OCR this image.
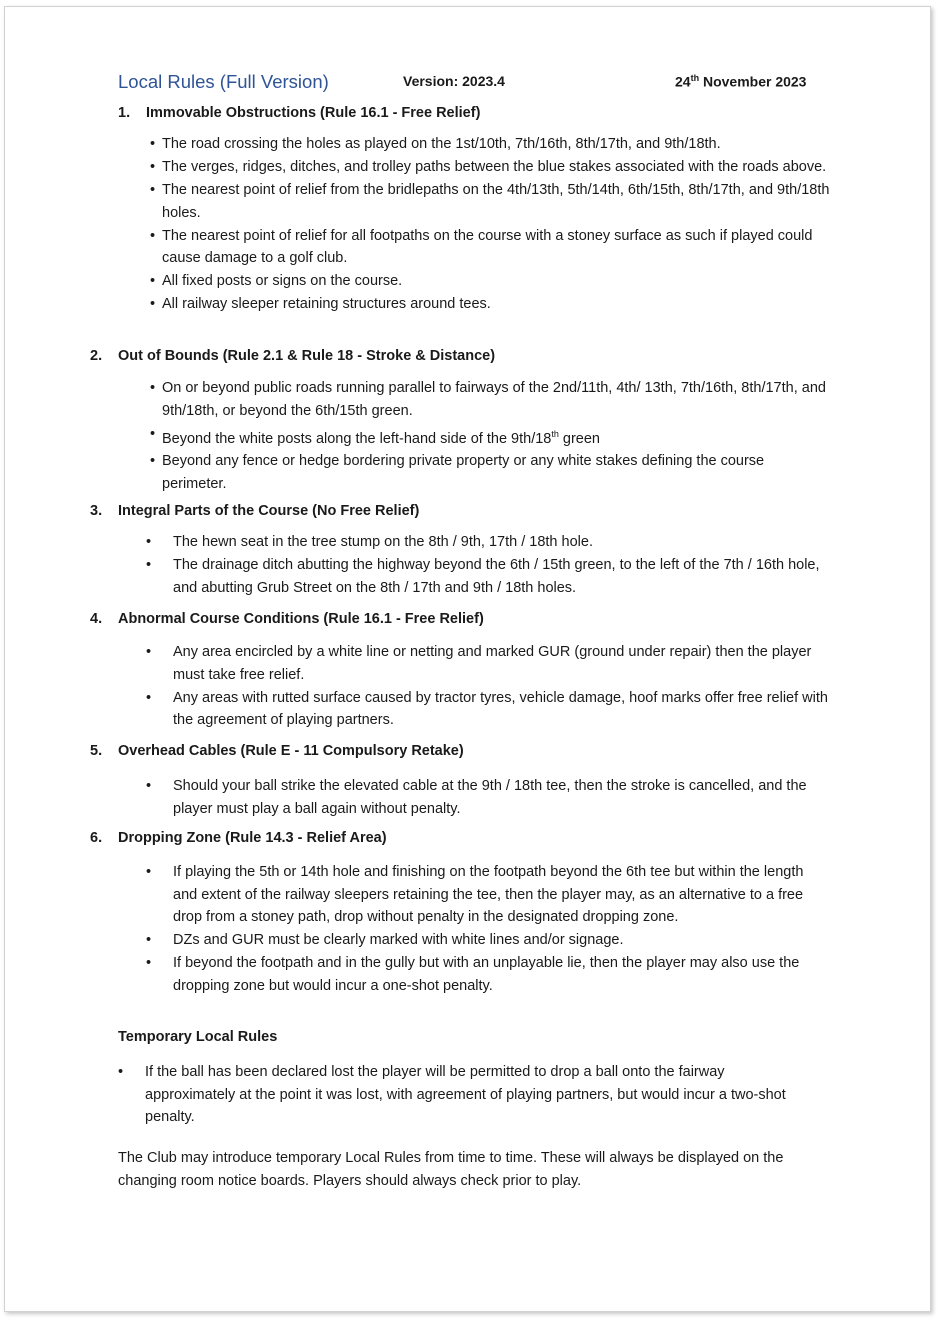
Local Rules (Full Version)	Version: 2023.4	24th November 2023
1. Immovable Obstructions (Rule 16.1 - Free Relief)
• The road crossing the holes as played on the 1st/10th, 7th/16th, 8th/17th, and 9th/18th.
• The verges, ridges, ditches, and trolley paths between the blue stakes associated with the roads above.
• The nearest point of relief from the bridlepaths on the 4th/13th, 5th/14th, 6th/15th, 8th/17th, and 9th/18th holes.
• The nearest point of relief for all footpaths on the course with a stoney surface as such if played could cause damage to a golf club.
• All fixed posts or signs on the course.
• All railway sleeper retaining structures around tees.
2. Out of Bounds (Rule 2.1 & Rule 18 - Stroke & Distance)
• On or beyond public roads running parallel to fairways of the 2nd/11th, 4th/ 13th, 7th/16th, 8th/17th, and 9th/18th, or beyond the 6th/15th green.
• Beyond the white posts along the left-hand side of the 9th/18th green
• Beyond any fence or hedge bordering private property or any white stakes defining the course perimeter.
3. Integral Parts of the Course (No Free Relief)
• The hewn seat in the tree stump on the 8th / 9th, 17th / 18th hole.
• The drainage ditch abutting the highway beyond the 6th / 15th green, to the left of the 7th / 16th hole, and abutting Grub Street on the 8th / 17th and 9th / 18th holes.
4. Abnormal Course Conditions (Rule 16.1 - Free Relief)
• Any area encircled by a white line or netting and marked GUR (ground under repair) then the player must take free relief.
• Any areas with rutted surface caused by tractor tyres, vehicle damage, hoof marks offer free relief with the agreement of playing partners.
5. Overhead Cables (Rule E - 11 Compulsory Retake)
• Should your ball strike the elevated cable at the 9th / 18th tee, then the stroke is cancelled, and the player must play a ball again without penalty.
6. Dropping Zone (Rule 14.3 - Relief Area)
• If playing the 5th or 14th hole and finishing on the footpath beyond the 6th tee but within the length and extent of the railway sleepers retaining the tee, then the player may, as an alternative to a free drop from a stoney path, drop without penalty in the designated dropping zone.
• DZs and GUR must be clearly marked with white lines and/or signage.
• If beyond the footpath and in the gully but with an unplayable lie, then the player may also use the dropping zone but would incur a one-shot penalty.
Temporary Local Rules
• If the ball has been declared lost the player will be permitted to drop a ball onto the fairway approximately at the point it was lost, with agreement of playing partners, but would incur a two-shot penalty.
The Club may introduce temporary Local Rules from time to time. These will always be displayed on the changing room notice boards. Players should always check prior to play.
